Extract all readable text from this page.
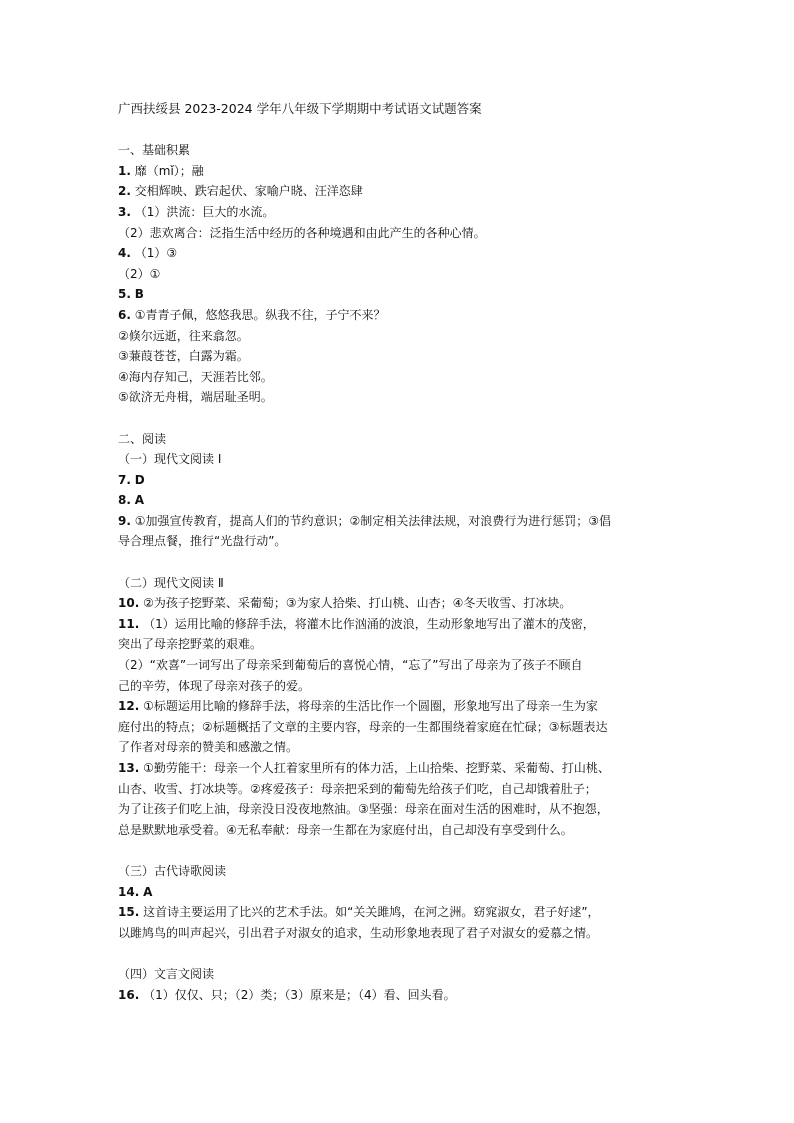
广西扶绥县 2023-2024 学年八年级下学期期中考试语文试题答案
一、基础积累
1. 靡（mǐ）；融
2. 交相辉映、跌宕起伏、家喻户晓、汪洋恣肆
3. （1）洪流：巨大的水流。
（2）悲欢离合：泛指生活中经历的各种境遇和由此产生的各种心情。
4. （1）③
（2）①
5. B
6. ①青青子佩，悠悠我思。纵我不往，子宁不来？
②倏尔远逝，往来翕忽。
③蒹葭苍苍，白露为霜。
④海内存知己，天涯若比邻。
⑤欲济无舟楫，端居耻圣明。
二、阅读
（一）现代文阅读 Ⅰ
7. D
8. A
9. ①加强宣传教育，提高人们的节约意识；②制定相关法律法规，对浪费行为进行惩罚；③倡
导合理点餐，推行“光盘行动”。
（二）现代文阅读 Ⅱ
10. ②为孩子挖野菜、采葡萄；③为家人拾柴、打山桃、山杏；④冬天收雪、打冰块。
11. （1）运用比喻的修辞手法，将灌木比作汹涌的波浪，生动形象地写出了灌木的茂密，
突出了母亲挖野菜的艰难。
（2）“欢喜”一词写出了母亲采到葡萄后的喜悦心情，“忘了”写出了母亲为了孩子不顾自
己的辛劳，体现了母亲对孩子的爱。
12. ①标题运用比喻的修辞手法，将母亲的生活比作一个圆圈，形象地写出了母亲一生为家
庭付出的特点；②标题概括了文章的主要内容，母亲的一生都围绕着家庭在忙碌；③标题表达
了作者对母亲的赞美和感激之情。
13. ①勤劳能干：母亲一个人扛着家里所有的体力活，上山拾柴、挖野菜、采葡萄、打山桃、
山杏、收雪、打冰块等。②疼爱孩子：母亲把采到的葡萄先给孩子们吃，自己却饿着肚子；
为了让孩子们吃上油，母亲没日没夜地熬油。③坚强：母亲在面对生活的困难时，从不抱怨，
总是默默地承受着。④无私奉献：母亲一生都在为家庭付出，自己却没有享受到什么。
（三）古代诗歌阅读
14. A
15. 这首诗主要运用了比兴的艺术手法。如“关关雎鸠，在河之洲。窈窕淑女，君子好逑”，
以雎鸠鸟的叫声起兴，引出君子对淑女的追求，生动形象地表现了君子对淑女的爱慕之情。
（四）文言文阅读
16. （1）仅仅、只；（2）类；（3）原来是；（4）看、回头看。
